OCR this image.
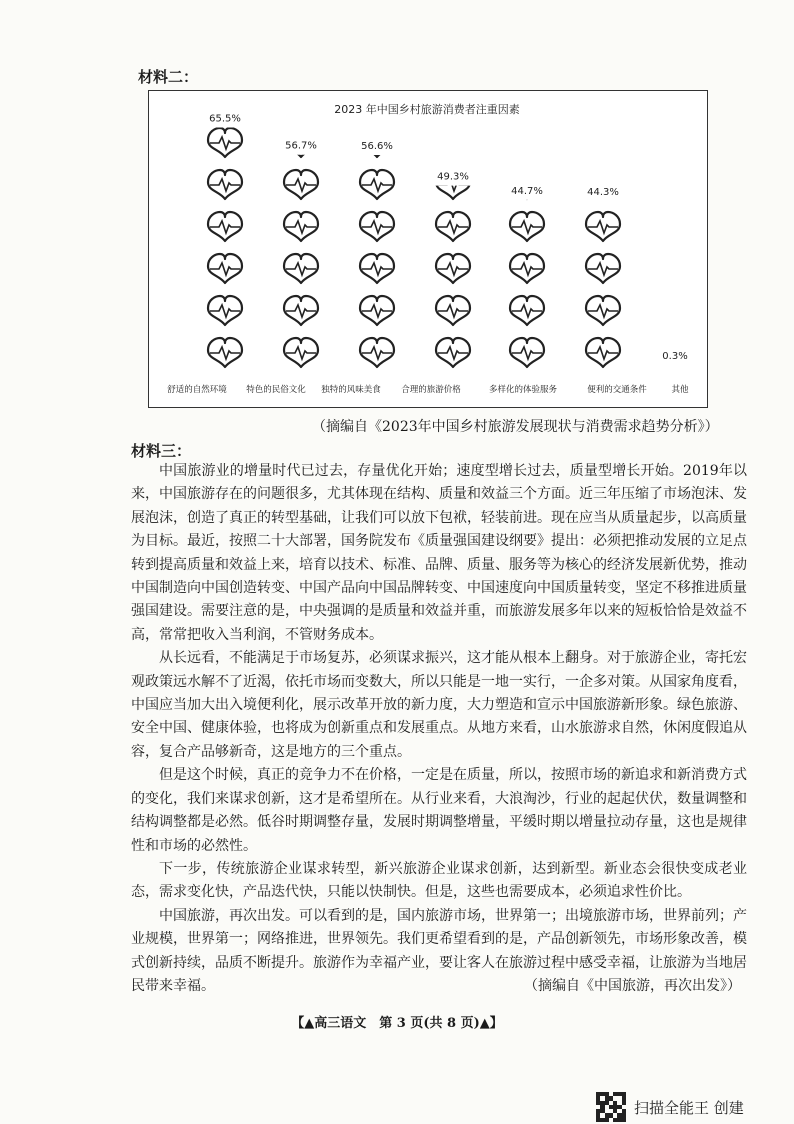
材料二：
2023 年中国乡村旅游消费者注重因素
65.5%
56.7%	56.6%
49.3%
44.7%	44.3%
0.3%
舒适的自然环境 特色的民俗文化 独特的风味美食 合理的旅游价格	多样化的体验服务	便利的交通条件	其他
（摘编自《2023年中国乡村旅游发展现状与消费需求趋势分析》）
材料三：

中国旅游业的增量时代已过去，存量优化开始；速度型增长过去，质量型增长开始。2019年以来，中国旅游存在的问题很多，尤其体现在结构、质量和效益三个方面。近三年压缩了市场泡沫、发展泡沫，创造了真正的转型基础，让我们可以放下包袱，轻装前进。现在应当从质量起步，以高质量为目标。最近，按照二十大部署，国务院发布《质量强国建设纲要》提出：必须把推动发展的立足点转到提高质量和效益上来，培育以技术、标准、品牌、质量、服务等为核心的经济发展新优势，推动中国制造向中国创造转变、中国产品向中国品牌转变、中国速度向中国质量转变，坚定不移推进质量强国建设。需要注意的是，中央强调的是质量和效益并重，而旅游发展多年以来的短板恰恰是效益不高，常常把收入当利润，不管财务成本。

从长远看，不能满足于市场复苏，必须谋求振兴，这才能从根本上翻身。对于旅游企业，寄托宏观政策远水解不了近渴，依托市场而变数大，所以只能是一地一实行，一企多对策。从国家角度看，中国应当加大出入境便利化，展示改革开放的新力度，大力塑造和宣示中国旅游新形象。绿色旅游、安全中国、健康体验，也将成为创新重点和发展重点。从地方来看，山水旅游求自然，休闲度假追从容，复合产品够新奇，这是地方的三个重点。

但是这个时候，真正的竞争力不在价格，一定是在质量，所以，按照市场的新追求和新消费方式的变化，我们来谋求创新，这才是希望所在。从行业来看，大浪淘沙，行业的起起伏伏，数量调整和结构调整都是必然。低谷时期调整存量，发展时期调整增量，平缓时期以增量拉动存量，这也是规律性和市场的必然性。

下一步，传统旅游企业谋求转型，新兴旅游企业谋求创新，达到新型。新业态会很快变成老业态，需求变化快，产品迭代快，只能以快制快。但是，这些也需要成本，必须追求性价比。

中国旅游，再次出发。可以看到的是，国内旅游市场，世界第一；出境旅游市场，世界前列；产业规模，世界第一；网络推进，世界领先。我们更希望看到的是，产品创新领先，市场形象改善，模式创新持续，品质不断提升。旅游作为幸福产业，要让客人在旅游过程中感受幸福，让旅游为当地居民带来幸福。	（摘编自《中国旅游，再次出发》）
【▲高三语文　第 3 页(共 8 页)▲】
扫描全能王 创建
